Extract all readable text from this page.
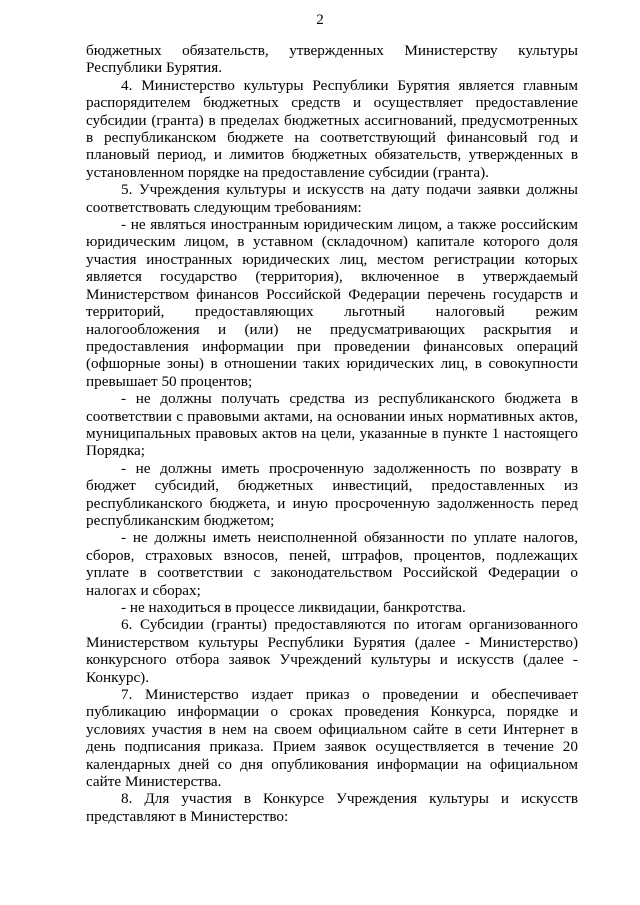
2

бюджетных обязательств, утвержденных Министерству культуры Республики Бурятия.

4. Министерство культуры Республики Бурятия является главным распорядителем бюджетных средств и осуществляет предоставление субсидии (гранта) в пределах бюджетных ассигнований, предусмотренных в республиканском бюджете на соответствующий финансовый год и плановый период, и лимитов бюджетных обязательств, утвержденных в установленном порядке на предоставление субсидии (гранта).

5. Учреждения культуры и искусств на дату подачи заявки должны соответствовать следующим требованиям:

- не являться иностранным юридическим лицом, а также российским юридическим лицом, в уставном (складочном) капитале которого доля участия иностранных юридических лиц, местом регистрации которых является государство (территория), включенное в утверждаемый Министерством финансов Российской Федерации перечень государств и территорий, предоставляющих льготный налоговый режим налогообложения и (или) не предусматривающих раскрытия и предоставления информации при проведении финансовых операций (офшорные зоны) в отношении таких юридических лиц, в совокупности превышает 50 процентов;

- не должны получать средства из республиканского бюджета в соответствии с правовыми актами, на основании иных нормативных актов, муниципальных правовых актов на цели, указанные в пункте 1 настоящего Порядка;

- не должны иметь просроченную задолженность по возврату в бюджет субсидий, бюджетных инвестиций, предоставленных из республиканского бюджета, и иную просроченную задолженность перед республиканским бюджетом;

- не должны иметь неисполненной обязанности по уплате налогов, сборов, страховых взносов, пеней, штрафов, процентов, подлежащих уплате в соответствии с законодательством Российской Федерации о налогах и сборах;

- не находиться в процессе ликвидации, банкротства.

6. Субсидии (гранты) предоставляются по итогам организованного Министерством культуры Республики Бурятия (далее - Министерство) конкурсного отбора заявок Учреждений культуры и искусств (далее - Конкурс).

7. Министерство издает приказ о проведении и обеспечивает публикацию информации о сроках проведения Конкурса, порядке и условиях участия в нем на своем официальном сайте в сети Интернет в день подписания приказа. Прием заявок осуществляется в течение 20 календарных дней со дня опубликования информации на официальном сайте Министерства.

8. Для участия в Конкурсе Учреждения культуры и искусств представляют в Министерство:
